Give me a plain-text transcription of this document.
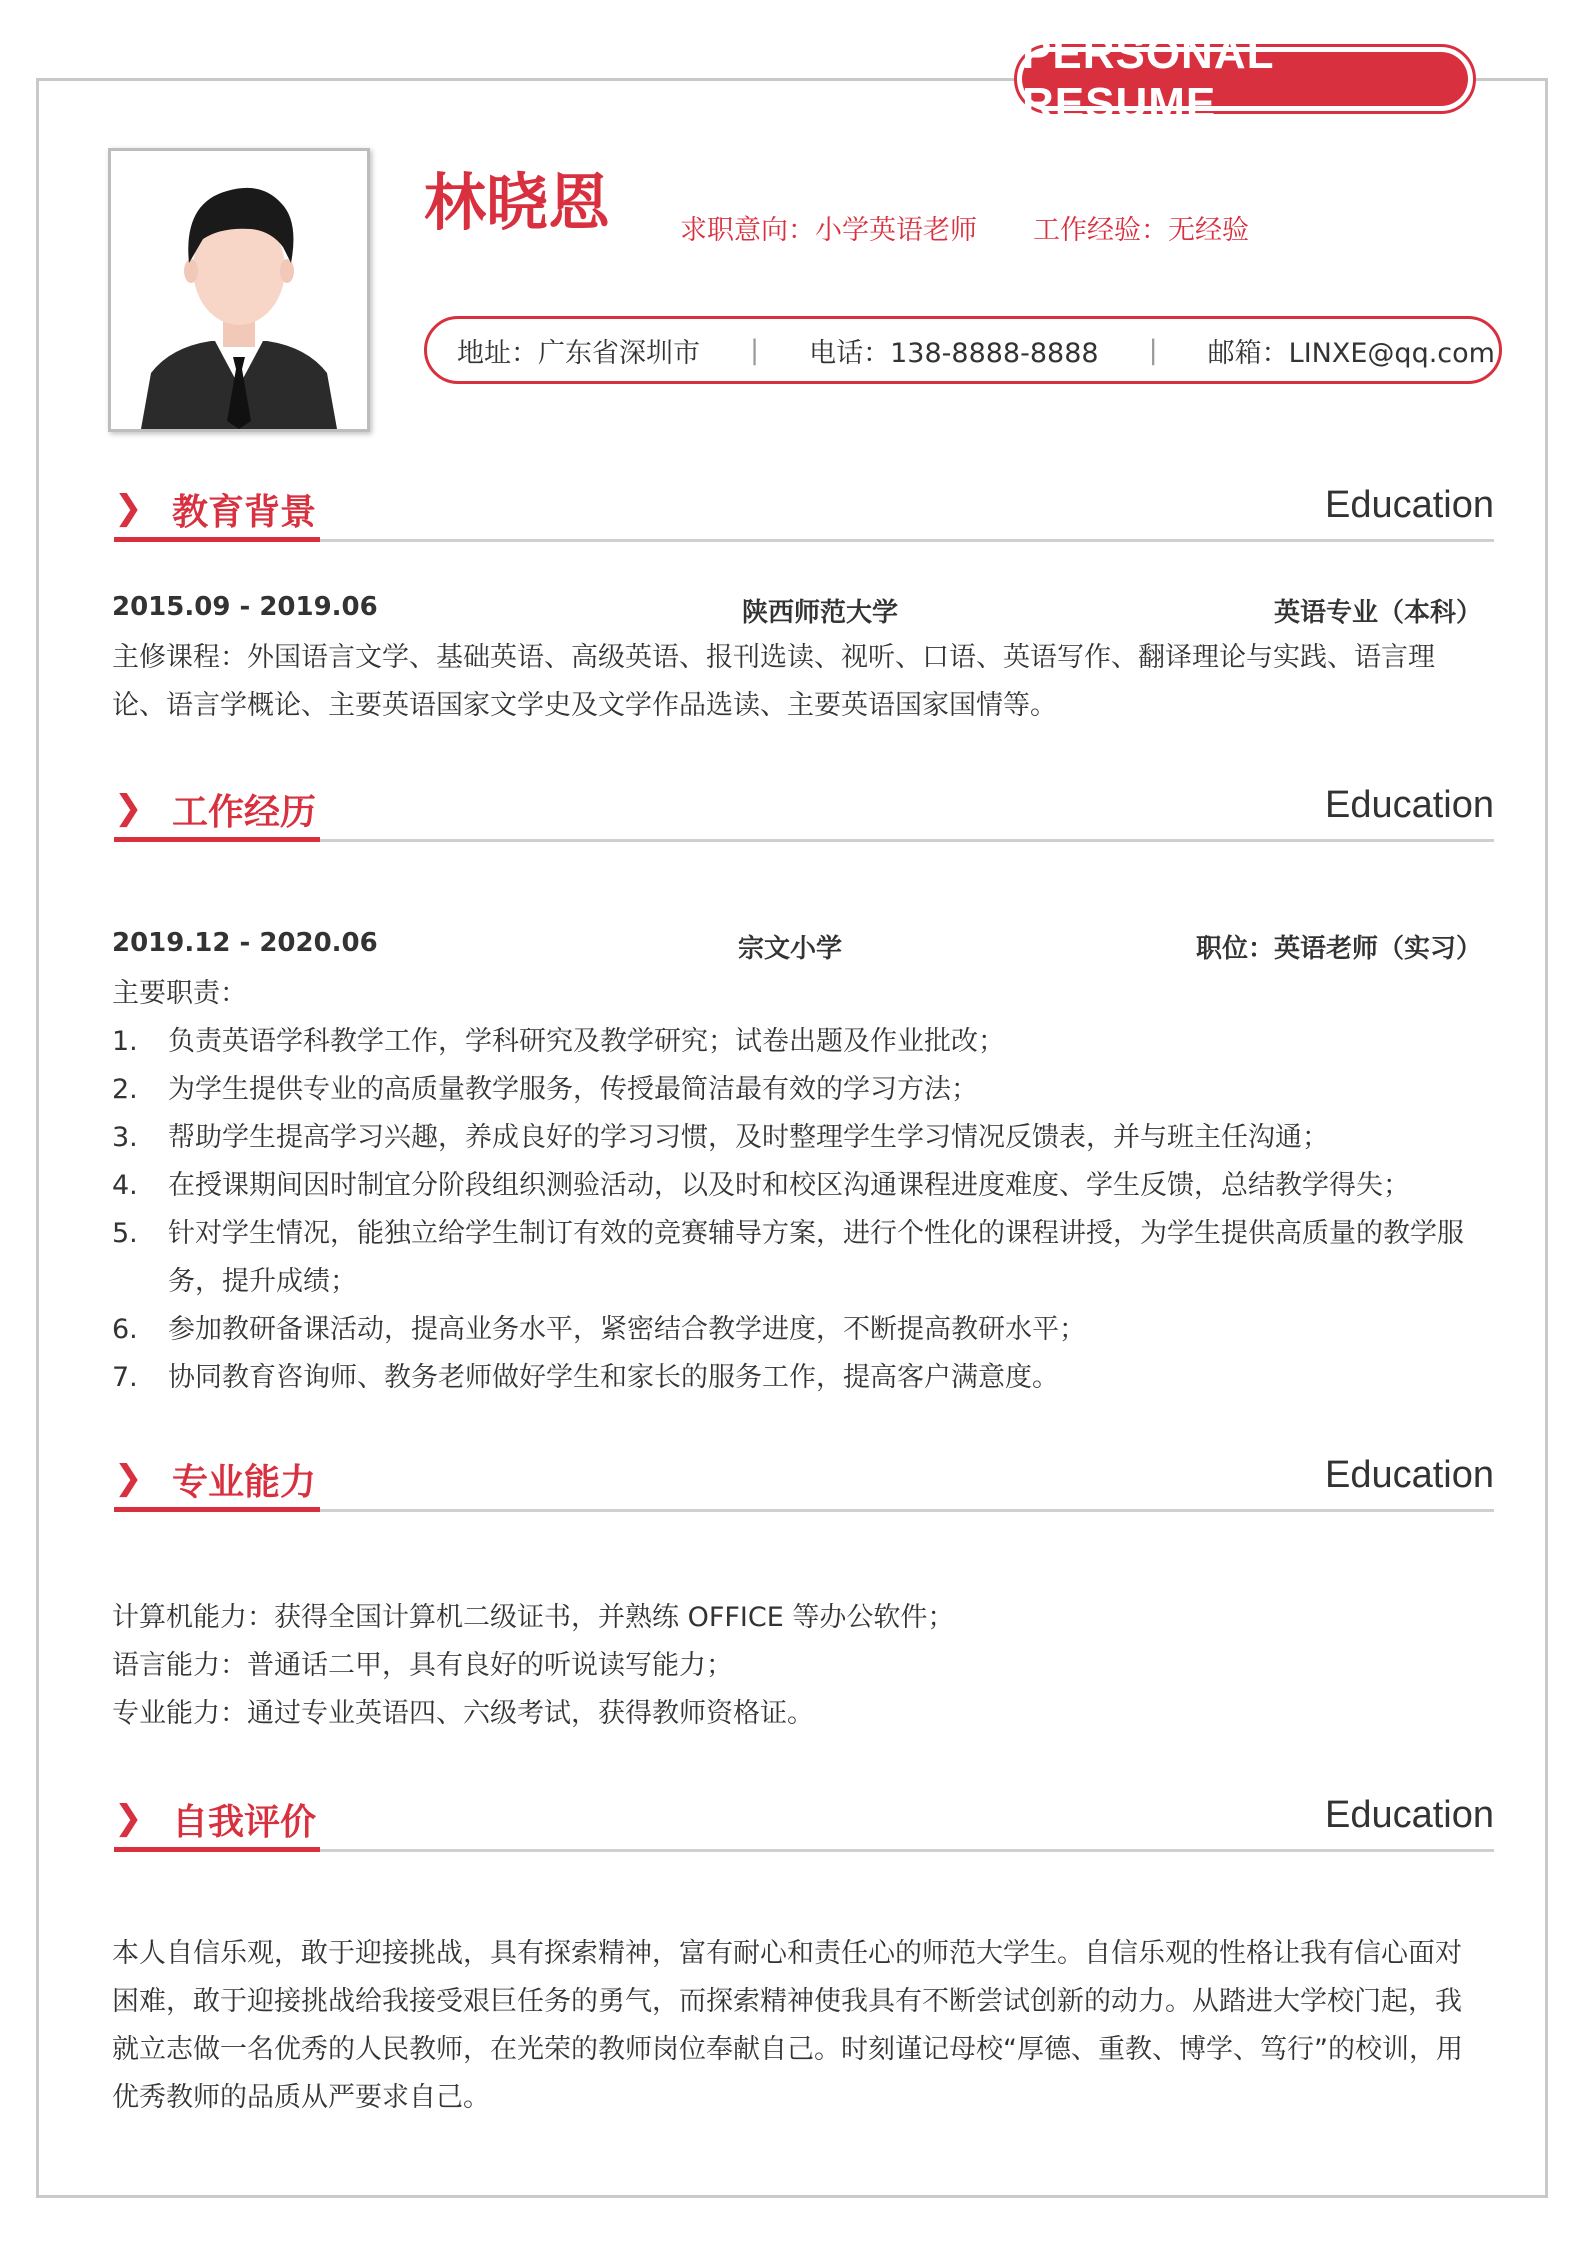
PERSONAL RESUME
林晓恩	求职意向：小学英语老师 工作经验：无经验
地址：广东省深圳市 | 电话：138-8888-8888 | 邮箱：LINXE@qq.com
❯ 教育背景	Education
2015.09 - 2019.06	陕西师范大学	英语专业（本科）
主修课程：外国语言文学、基础英语、高级英语、报刊选读、视听、口语、英语写作、翻译理论与实践、语言理论、语言学概论、主要英语国家文学史及文学作品选读、主要英语国家国情等。
❯ 工作经历	Education
2019.12 - 2020.06	宗文小学	职位：英语老师（实习）
主要职责：
1.	负责英语学科教学工作，学科研究及教学研究；试卷出题及作业批改；
2.	为学生提供专业的高质量教学服务，传授最简洁最有效的学习方法；
3.	帮助学生提高学习兴趣，养成良好的学习习惯，及时整理学生学习情况反馈表，并与班主任沟通；
4.	在授课期间因时制宜分阶段组织测验活动，以及时和校区沟通课程进度难度、学生反馈，总结教学得失；
5.	针对学生情况，能独立给学生制订有效的竞赛辅导方案，进行个性化的课程讲授，为学生提供高质量的教学服务，提升成绩；
6.	参加教研备课活动，提高业务水平，紧密结合教学进度，不断提高教研水平；
7.	协同教育咨询师、教务老师做好学生和家长的服务工作，提高客户满意度。
❯ 专业能力	Education
计算机能力：获得全国计算机二级证书，并熟练 OFFICE 等办公软件；
语言能力：普通话二甲，具有良好的听说读写能力；
专业能力：通过专业英语四、六级考试，获得教师资格证。
❯ 自我评价	Education
本人自信乐观，敢于迎接挑战，具有探索精神，富有耐心和责任心的师范大学生。自信乐观的性格让我有信心面对困难，敢于迎接挑战给我接受艰巨任务的勇气，而探索精神使我具有不断尝试创新的动力。从踏进大学校门起，我就立志做一名优秀的人民教师，在光荣的教师岗位奉献自己。时刻谨记母校“厚德、重教、博学、笃行”的校训，用优秀教师的品质从严要求自己。
